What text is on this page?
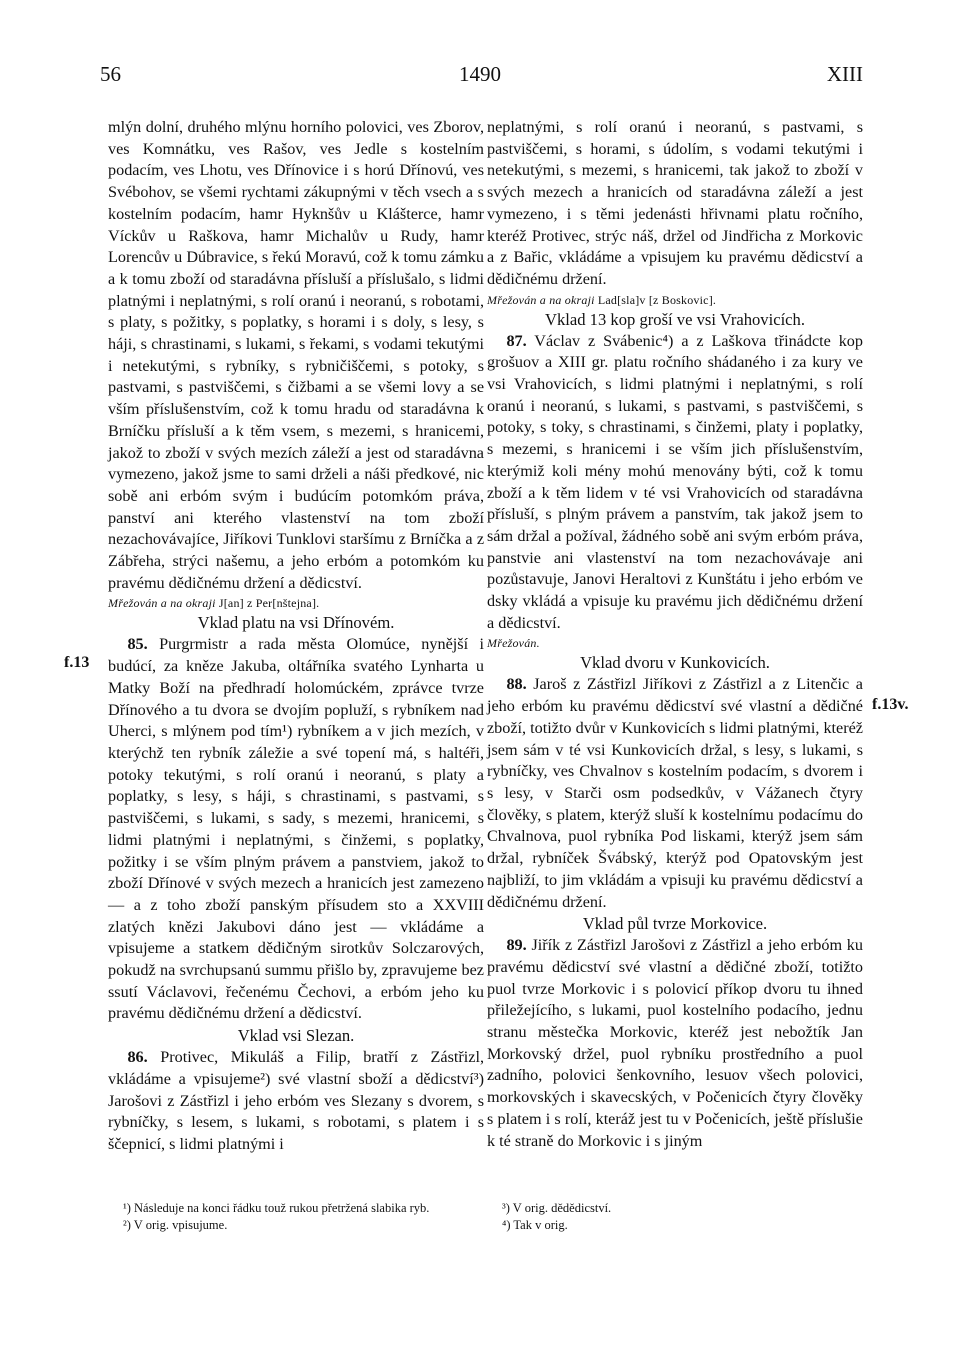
56	1490	XIII
f.13
f.13v.

mlýn dolní, druhého mlýnu horního polovici, ves Zborov, ves Komnátku, ves Rašov, ves Jedle s kostelním podacím, ves Lhotu, ves Dřínovice i s horú Dřínovú, ves Svébohov, se všemi rychtami zákupnými v těch vsech a s kostelním podacím, hamr Hyknšův u Klášterce, hamr Víckův u Raškova, hamr Michalův u Rudy, hamr Lorencův u Dúbravice, s řekú Moravú, což k tomu zámku a k tomu zboží od staradávna přísluší a příslušalo, s lidmi platnými i neplatnými, s rolí oranú i neoranú, s robotami, s platy, s požitky, s poplatky, s horami i s doly, s lesy, s háji, s chrastinami, s lukami, s řekami, s vodami tekutými i netekutými, s rybníky, s rybničiščemi, s potoky, s pastvami, s pastviščemi, s čižbami a se všemi lovy a se vším příslušenstvím, což k tomu hradu od staradávna k Brníčku přísluší a k těm vsem, s mezemi, s hranicemi, jakož to zboží v svých mezích záleží a jest od staradávna vymezeno, jakož jsme to sami drželi a náši předkové, nic sobě ani erbóm svým i budúcím potomkóm práva, panství ani kterého vlastenství na tom zboží nezachovávajíce, Jiříkovi Tunklovi staršímu z Brníčka a z Zábřeha, strýci našemu, a jeho erbóm a potomkóm ku pravému dědičnému držení a dědicství.

Mřežován a na okraji J[an] z Per[nštejna].

Vklad platu na vsi Dřínovém.

85. Purgrmistr a rada města Olomúce, nynější i budúcí, za kněze Jakuba, oltářníka svatého Lynharta u Matky Boží na předhradí holomúckém, zprávce tvrze Dřínového a tu dvora se dvojím popluží, s rybníkem nad Uherci, s mlýnem pod tím¹) rybníkem a v jich mezích, v kterýchž ten rybník záležie a své topení má, s haltéři, potoky tekutými, s rolí oranú i neoranú, s platy a poplatky, s lesy, s háji, s chrastinami, s pastvami, s pastviščemi, s lukami, s sady, s mezemi, hranicemi, s lidmi platnými i neplatnými, s činžemi, s poplatky, požitky i se vším plným právem a panstviem, jakož to zboží Dřínové v svých mezech a hranicích jest zamezeno — a z toho zboží panským přísudem sto a XXVIII zlatých knězi Jakubovi dáno jest — vkládáme a vpisujeme a statkem dědičným sirotkův Solczarových, pokudž na svrchupsanú summu přišlo by, zpravujeme bez ssutí Václavovi, řečenému Čechovi, a erbóm jeho ku pravému dědičnému držení a dědicství.

Vklad vsi Slezan.

86. Protivec, Mikuláš a Filip, bratří z Zástřizl, vkládáme a vpisujeme²) své vlastní sboží a dědicství³) Jarošovi z Zástřizl i jeho erbóm ves Slezany s dvorem, s rybníčky, s lesem, s lukami, s robotami, s platem i s ščepnicí, s lidmi platnými i

neplatnými, s rolí oranú i neoranú, s pastvami, s pastviščemi, s horami, s údolím, s vodami tekutými i netekutými, s mezemi, s hranicemi, tak jakož to zboží v svých mezech a hranicích od staradávna záleží a jest vymezeno, i s těmi jedenásti hřivnami platu ročního, kteréž Protivec, strýc náš, držel od Jindřicha z Morkovic a z Bařic, vkládáme a vpisujem ku pravému dědicství a dědičnému držení.

Mřežován a na okraji Lad[sla]v [z Boskovic].

Vklad 13 kop groší ve vsi Vrahovicích.

87. Václav z Svábenic⁴) a z Laškova třinádcte kop grošuov a XIII gr. platu ročního shádaného i za kury ve vsi Vrahovicích, s lidmi platnými i neplatnými, s rolí oranú i neoranú, s lukami, s pastvami, s pastviščemi, s potoky, s toky, s chrastinami, s činžemi, platy i poplatky, s mezemi, s hranicemi i se vším jich příslušenstvím, kterýmiž koli mény mohú menovány býti, což k tomu zboží a k těm lidem v té vsi Vrahovicích od staradávna přísluší, s plným právem a panstvím, tak jakož jsem to sám držal a požíval, žádného sobě ani svým erbóm práva, panstvie ani vlastenství na tom nezachovávaje ani pozůstavuje, Janovi Heraltovi z Kunštátu i jeho erbóm ve dsky vkládá a vpisuje ku pravému jich dědičnému držení a dědicství.

Mřežován.

Vklad dvoru v Kunkovicích.

88. Jaroš z Zástřizl Jiříkovi z Zástřizl a z Litenčic a jeho erbóm ku pravému dědicství své vlastní a dědičné zboží, totižto dvůr v Kunkovicích s lidmi platnými, kteréž jsem sám v té vsi Kunkovicích držal, s lesy, s lukami, s rybníčky, ves Chvalnov s kostelním podacím, s dvorem i s lesy, v Starči osm podsedkův, v Vážanech čtyry člověky, s platem, kterýž sluší k kostelnímu podacímu do Chvalnova, puol rybníka Pod liskami, kterýž jsem sám držal, rybníček Švábský, kterýž pod Opatovským jest najbliží, to jim vkládám a vpisuji ku pravému dědicství a dědičnému držení.

Vklad půl tvrze Morkovice.

89. Jiřík z Zástřizl Jarošovi z Zástřizl a jeho erbóm ku pravému dědicství své vlastní a dědičné zboží, totižto puol tvrze Morkovic i s polovicí příkop dvoru tu ihned přiležejícího, s lukami, puol kostelního podacího, jednu stranu městečka Morkovic, kteréž jest nebožtík Jan Morkovský držel, puol rybníku prostředního a puol zadního, polovici šenkovního, lesuov všech polovici, morkovských i skavecských, v Počenicích čtyry člověky s platem i s rolí, kteráž jest tu v Počenicích, ještě příslušie k té straně do Morkovic i s jiným

¹) Následuje na konci řádku touž rukou přetržená slabika ryb.
²) V orig. vpisujume.
³) V orig. dědědicství.
⁴) Tak v orig.
